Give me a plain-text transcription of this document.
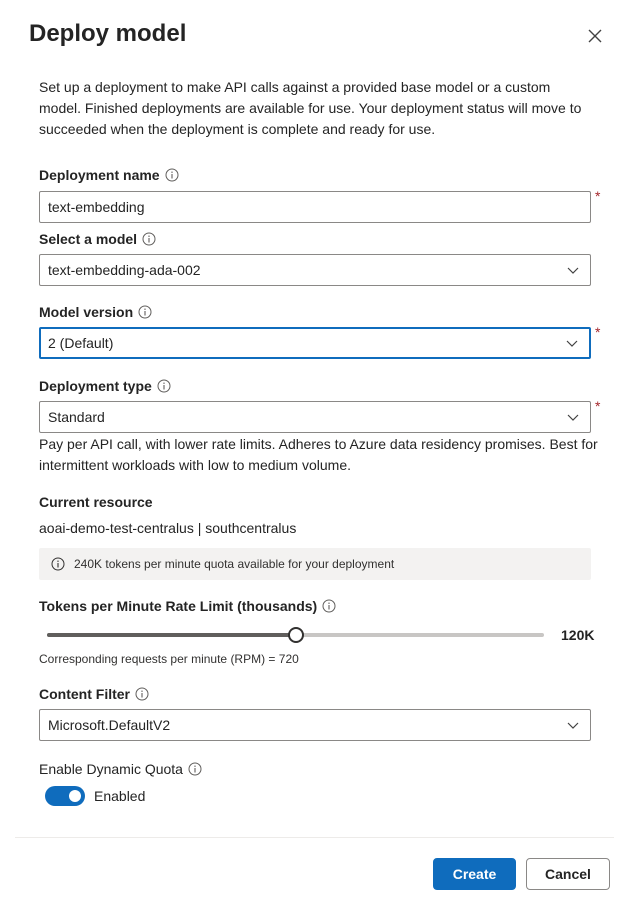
Deploy model
Set up a deployment to make API calls against a provided base model or a custom model. Finished deployments are available for use. Your deployment status will move to succeeded when the deployment is complete and ready for use.
Deployment name
text-embedding
*
Select a model
text-embedding-ada-002
Model version
2 (Default)
*
Deployment type
Standard
*
Pay per API call, with lower rate limits. Adheres to Azure data residency promises. Best for intermittent workloads with low to medium volume.
Current resource
aoai-demo-test-centralus | southcentralus
240K tokens per minute quota available for your deployment
Tokens per Minute Rate Limit (thousands)
120K
Corresponding requests per minute (RPM) = 720
Content Filter
Microsoft.DefaultV2
Enable Dynamic Quota
Enabled
Create	Cancel
